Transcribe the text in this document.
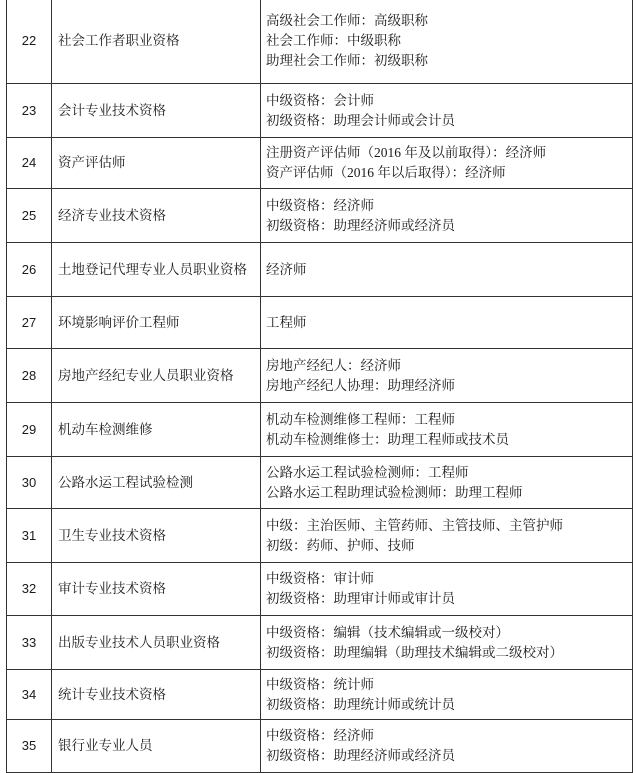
22	社会工作者职业资格	高级社会工作师：高级职称
社会工作师：中级职称
助理社会工作师：初级职称

23	会计专业技术资格	中级资格：会计师
初级资格：助理会计师或会计员

24	资产评估师	注册资产评估师（2016 年及以前取得）：经济师
资产评估师（2016 年以后取得）：经济师

25	经济专业技术资格	中级资格：经济师
初级资格：助理经济师或经济员

26	土地登记代理专业人员职业资格	经济师

27	环境影响评价工程师	工程师

28	房地产经纪专业人员职业资格	房地产经纪人：经济师
房地产经纪人协理：助理经济师

29	机动车检测维修	机动车检测维修工程师：工程师
机动车检测维修士：助理工程师或技术员

30	公路水运工程试验检测	公路水运工程试验检测师：工程师
公路水运工程助理试验检测师：助理工程师

31	卫生专业技术资格	中级：主治医师、主管药师、主管技师、主管护师
初级：药师、护师、技师

32	审计专业技术资格	中级资格：审计师
初级资格：助理审计师或审计员

33	出版专业技术人员职业资格	中级资格：编辑（技术编辑或一级校对）
初级资格：助理编辑（助理技术编辑或二级校对）

34	统计专业技术资格	中级资格：统计师
初级资格：助理统计师或统计员

35	银行业专业人员	中级资格：经济师
初级资格：助理经济师或经济员
